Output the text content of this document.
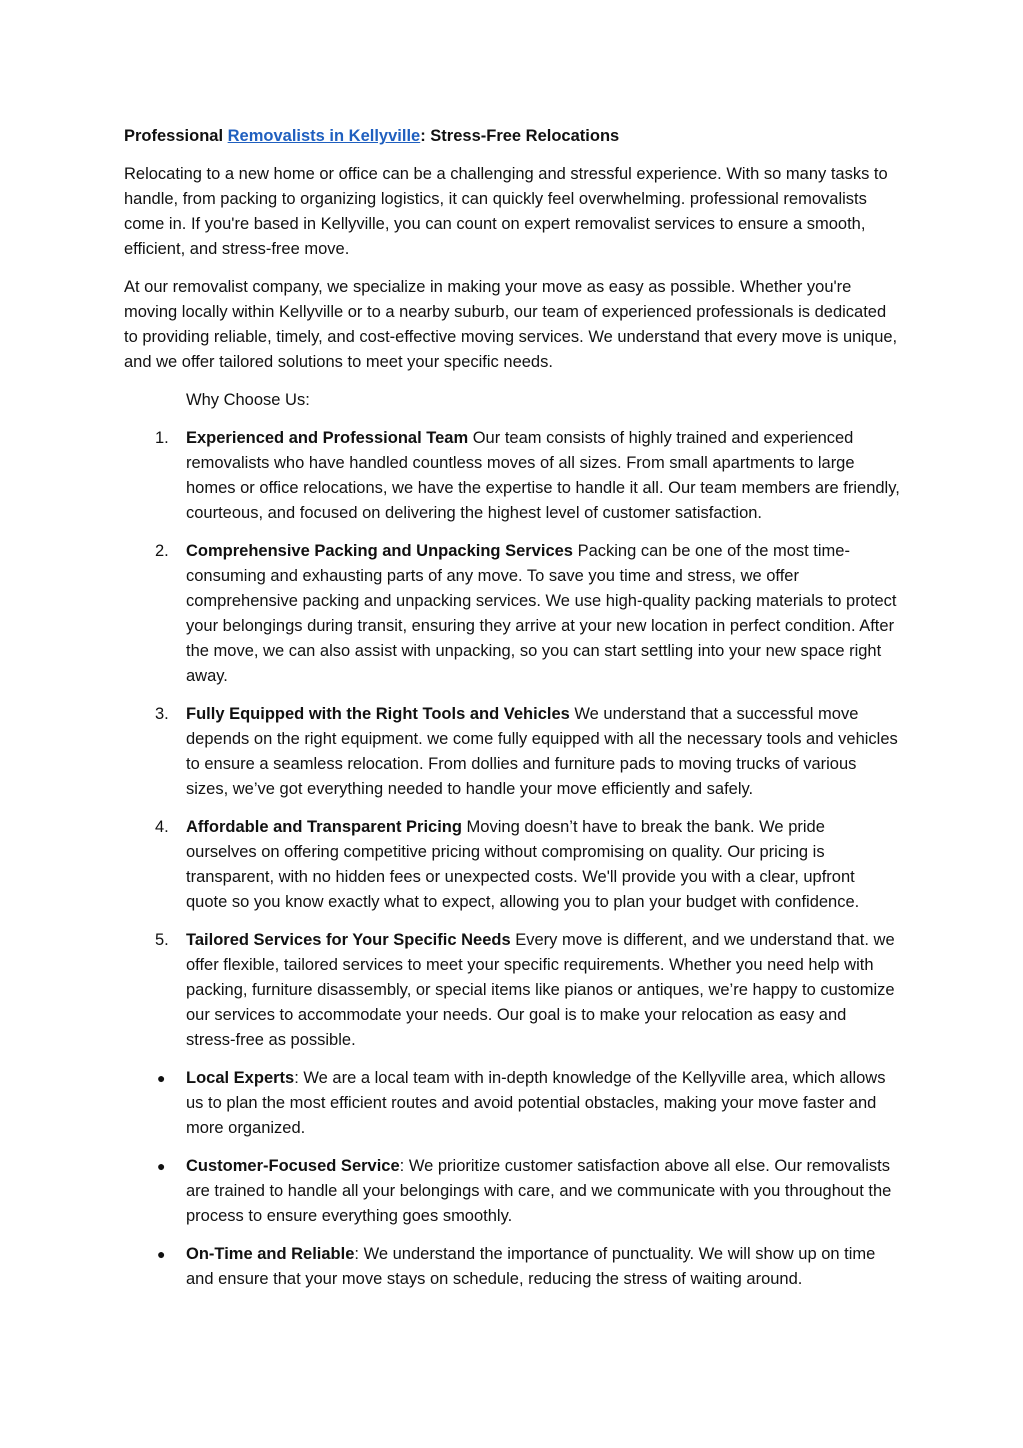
Professional Removalists in Kellyville: Stress-Free Relocations

Relocating to a new home or office can be a challenging and stressful experience. With so many tasks to handle, from packing to organizing logistics, it can quickly feel overwhelming. professional removalists come in. If you're based in Kellyville, you can count on expert removalist services to ensure a smooth, efficient, and stress-free move.

At our removalist company, we specialize in making your move as easy as possible. Whether you're moving locally within Kellyville or to a nearby suburb, our team of experienced professionals is dedicated to providing reliable, timely, and cost-effective moving services. We understand that every move is unique, and we offer tailored solutions to meet your specific needs.

Why Choose Us:
1. Experienced and Professional Team Our team consists of highly trained and experienced removalists who have handled countless moves of all sizes. From small apartments to large homes or office relocations, we have the expertise to handle it all. Our team members are friendly, courteous, and focused on delivering the highest level of customer satisfaction.
2. Comprehensive Packing and Unpacking Services Packing can be one of the most time-consuming and exhausting parts of any move. To save you time and stress, we offer comprehensive packing and unpacking services. We use high-quality packing materials to protect your belongings during transit, ensuring they arrive at your new location in perfect condition. After the move, we can also assist with unpacking, so you can start settling into your new space right away.
3. Fully Equipped with the Right Tools and Vehicles We understand that a successful move depends on the right equipment. we come fully equipped with all the necessary tools and vehicles to ensure a seamless relocation. From dollies and furniture pads to moving trucks of various sizes, we’ve got everything needed to handle your move efficiently and safely.
4. Affordable and Transparent Pricing Moving doesn’t have to break the bank. We pride ourselves on offering competitive pricing without compromising on quality. Our pricing is transparent, with no hidden fees or unexpected costs. We'll provide you with a clear, upfront quote so you know exactly what to expect, allowing you to plan your budget with confidence.
5. Tailored Services for Your Specific Needs Every move is different, and we understand that. we offer flexible, tailored services to meet your specific requirements. Whether you need help with packing, furniture disassembly, or special items like pianos or antiques, we’re happy to customize our services to accommodate your needs. Our goal is to make your relocation as easy and stress-free as possible.
● Local Experts: We are a local team with in-depth knowledge of the Kellyville area, which allows us to plan the most efficient routes and avoid potential obstacles, making your move faster and more organized.
● Customer-Focused Service: We prioritize customer satisfaction above all else. Our removalists are trained to handle all your belongings with care, and we communicate with you throughout the process to ensure everything goes smoothly.
● On-Time and Reliable: We understand the importance of punctuality. We will show up on time and ensure that your move stays on schedule, reducing the stress of waiting around.
